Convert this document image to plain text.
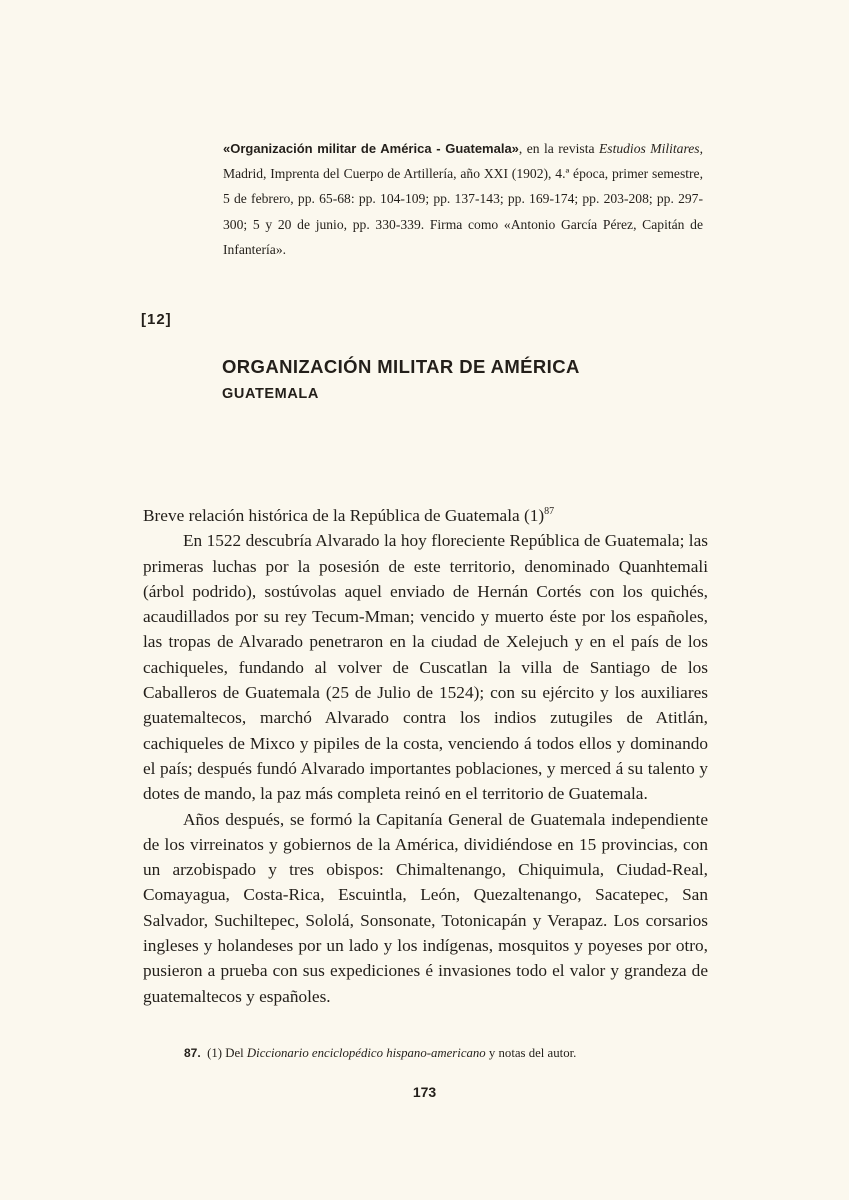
«Organización militar de América - Guatemala», en la revista Estudios Militares, Madrid, Imprenta del Cuerpo de Artillería, año XXI (1902), 4.ª época, primer semestre, 5 de febrero, pp. 65-68: pp. 104-109; pp. 137-143; pp. 169-174; pp. 203-208; pp. 297-300; 5 y 20 de junio, pp. 330-339. Firma como «Antonio García Pérez, Capitán de Infantería».
[12]
ORGANIZACIÓN MILITAR DE AMÉRICA
GUATEMALA

Breve relación histórica de la República de Guatemala $(1)^{87}$

En 1522 descubría Alvarado la hoy floreciente República de Guatemala; las primeras luchas por la posesión de este territorio, denominado Quanhtemali (árbol podrido), sostúvolas aquel enviado de Hernán Cortés con los quichés, acaudillados por su rey Tecum-Mman; vencido y muerto éste por los españoles, las tropas de Alvarado penetraron en la ciudad de Xelejuch y en el país de los cachiqueles, fundando al volver de Cuscatlan la villa de Santiago de los Caballeros de Guatemala (25 de Julio de 1524); con su ejército y los auxiliares guatemaltecos, marchó Alvarado contra los indios zutugiles de Atitlán, cachiqueles de Mixco y pipiles de la costa, venciendo á todos ellos y dominando el país; después fundó Alvarado importantes poblaciones, y merced á su talento y dotes de mando, la paz más completa reinó en el territorio de Guatemala.

Años después, se formó la Capitanía General de Guatemala independiente de los virreinatos y gobiernos de la América, dividiéndose en 15 provincias, con un arzobispado y tres obispos: Chimaltenango, Chiquimula, Ciudad-Real, Comayagua, Costa-Rica, Escuintla, León, Quezaltenango, Sacatepec, San Salvador, Suchiltepec, Sololá, Sonsonate, Totonicapán y Verapaz. Los corsarios ingleses y holandeses por un lado y los indígenas, mosquitos y poyeses por otro, pusieron a prueba con sus expediciones é invasiones todo el valor y grandeza de guatemaltecos y españoles.

87. (1) Del Diccionario enciclopédico hispano-americano y notas del autor.
173
